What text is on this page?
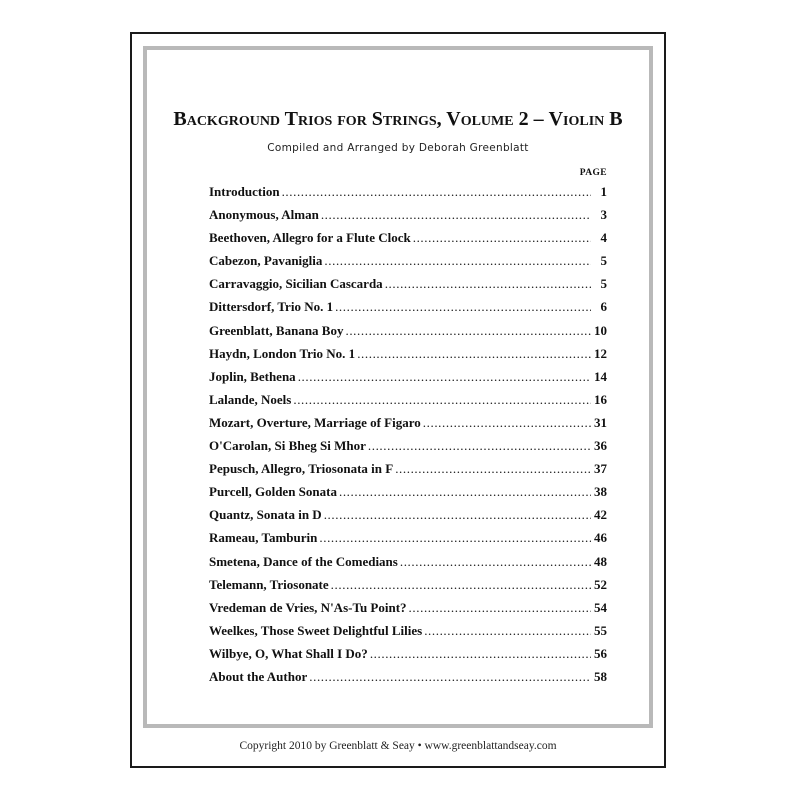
Background Trios for Strings, Volume 2 – Violin B
Compiled and Arranged by Deborah Greenblatt
PAGE
Introduction .....	1
Anonymous, Alman .....	3
Beethoven, Allegro for a Flute Clock .....	4
Cabezon, Pavaniglia .....	5
Carravaggio, Sicilian Cascarda .....	5
Dittersdorf, Trio No. 1 .....	6
Greenblatt, Banana Boy .....	10
Haydn, London Trio No. 1 .....	12
Joplin, Bethena .....	14
Lalande, Noels .....	16
Mozart, Overture, Marriage of Figaro .....	31
O'Carolan, Si Bheg Si Mhor .....	36
Pepusch, Allegro, Triosonata in F .....	37
Purcell, Golden Sonata .....	38
Quantz, Sonata in D .....	42
Rameau, Tamburin .....	46
Smetena, Dance of the Comedians .....	48
Telemann, Triosonate .....	52
Vredeman de Vries, N'As-Tu Point? .....	54
Weelkes, Those Sweet Delightful Lilies .....	55
Wilbye, O, What Shall I Do? .....	56
About the Author .....	58
Copyright 2010 by Greenblatt & Seay • www.greenblattandseay.com
